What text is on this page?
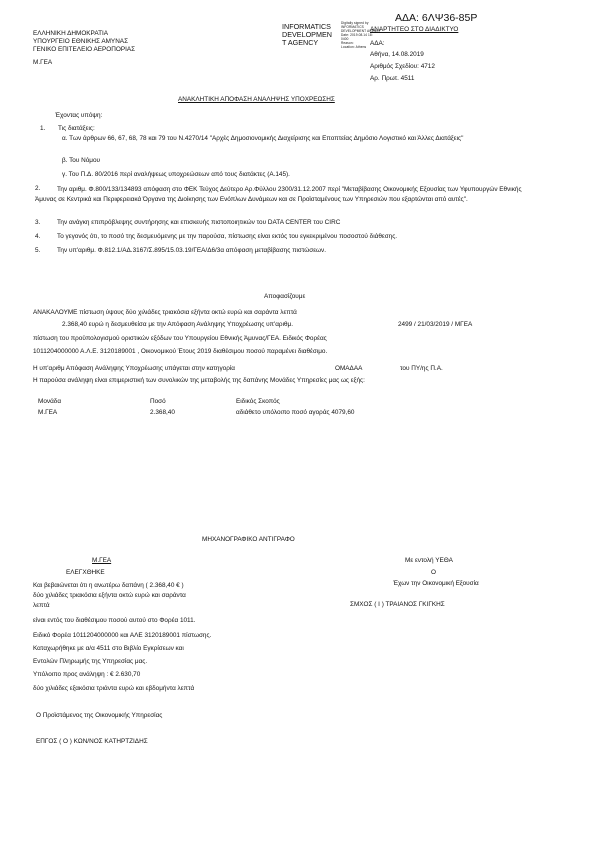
ΑΔΑ: 6ΛΨ36-85Ρ
ΕΛΛΗΝΙΚΗ ΔΗΜΟΚΡΑΤΙΑ
ΥΠΟΥΡΓΕΙΟ ΕΘΝΙΚΗΣ ΑΜΥΝΑΣ
ΓΕΝΙΚΟ ΕΠΙΤΕΛΕΙΟ ΑΕΡΟΠΟΡΙΑΣ
Μ.ΓΕΑ
INFORMATICS
DEVELOPMEN
T AGENCY
Digitally signed by
INFORMATICS
DEVELOPMENT AGENCY
Date: 2019.08.14 18:
0400
Reason:
Location: Athens
ΑΝΑΡΤΗΤΕΟ ΣΤΟ ΔΙΑΔΙΚΤΥΟ
ΑΔΑ:
Αθήνα, 14.08.2019
Αριθμός Σχεδίου: 4712
Αρ. Πρωτ. 4511
ΑΝΑΚΛΗΤΙΚΗ ΑΠΟΦΑΣΗ ΑΝΑΛΗΨΗΣ ΥΠΟΧΡΕΩΣΗΣ
Έχοντας υπόψη:
1. Τις διατάξεις:
α. Των άρθρων 66, 67, 68, 78 και 79 του Ν.4270/14 "Αρχές Δημοσιονομικής Διαχείρισης και Εποπτείας Δημόσιο Λογιστικό και Άλλες Διατάξεις"
β. Του Νόμου
γ. Του Π.Δ. 80/2016 περί αναλήψεως υποχρεώσεων από τους διατάκτες (Α.145).
2.	Την αριθμ. Φ.800/133/134893 απόφαση στο ΦΕΚ Τεύχος Δεύτερο Αρ.Φύλλου 2300/31.12.2007 περί "Μεταβίβασης Οικονομικής Εξουσίας των Υφυπουργών Εθνικής Άμυνας σε Κεντρικά και Περιφερειακά Όργανα της Διοίκησης των Ενόπλων Δυνάμεων και σε Προϊσταμένους των Υπηρεσιών που εξαρτώνται από αυτές".
3.	Την ανάγκη επιπρόβλεψης συντήρησης και επισκευής πιστοποιητικών του DATA CENTER του CIRC
4.	Το γεγονός ότι, το ποσό της δεσμευόμενης με την παρούσα, πίστωσης είναι εκτός του εγκεκριμένου ποσοστού διάθεσης.
5.	Την υπ'αριθμ. Φ.812.1/ΑΔ.3167/Σ.895/15.03.19/ΓΕΑ/Δ6/3α απόφαση μεταβίβασης πιστώσεων.
Αποφασίζουμε
ΑΝΑΚΑΛΟΥΜΕ πίστωση ύψους δύο χιλιάδες τριακόσια εξήντα οκτώ ευρώ και σαράντα λεπτά
2.368,40 ευρώ η δεσμευθείσα με την Απόφαση Ανάληψης Υποχρέωσης υπ'αριθμ.	2499 / 21/03/2019 / ΜΓΕΑ
πίστωση του προϋπολογισμού οριστικών εξόδων του Υπουργείου Εθνικής Άμυνας/ΓΕΑ. Ειδικός Φορέας
1011204000000 Α.Λ.Ε. 3120189001 , Οικονομικού Έτους 2019 διαθέσιμου ποσού παραμένει διαθέσιμο.
Η υπ'αριθμ Απόφαση Ανάληψης Υποχρέωσης υπάγεται στην κατηγορία	ΟΜΑΔΑΑ	του ΠΥ/ης Π.Α.
Η παρούσα ανάληψη είναι επιμεριστική των συνολικών της μεταβολής της δαπάνης Μονάδες Υπηρεσίες μας ως εξής:
Μονάδα	Ποσό	Ειδικός Σκοπός
Μ.ΓΕΑ	2.368,40	αδιάθετο υπόλοιπο ποσό αγοράς 4079,60
ΜΗΧΑΝΟΓΡΑΦΙΚΟ ΑΝΤΙΓΡΑΦΟ
Μ.ΓΕΑ
ΕΛΕΓΧΘΗΚΕ
Και βεβαιώνεται ότι η ανωτέρω δαπάνη ( 2.368,40 € )
δύο χιλιάδες τριακόσια εξήντα οκτώ ευρώ και σαράντα
λεπτά
είναι εντός του διαθέσιμου ποσού αυτού στο Φορέα 1011.
Ειδικό Φορέα 1011204000000 και ΑΛΕ 3120189001 πίστωσης.
Καταχωρήθηκε με α/α 4511 στο Βιβλίο Εγκρίσεων και
Εντολών Πληρωμής της Υπηρεσίας μας.
Υπόλοιπο προς ανάληψη : € 2.630,70
δύο χιλιάδες εξακόσια τριάντα ευρώ και εβδομήντα λεπτά
Με εντολή ΥΕΘΑ
Ο
Έχων την Οικονομική Εξουσία
ΣΜΧΟΣ ( Ι ) ΤΡΑΙΑΝΟΣ ΓΚΙΓΚΗΣ
Ο Προϊστάμενος της Οικονομικής Υπηρεσίας
ΕΠΓΟΣ ( Ο ) ΚΩΝ/ΝΟΣ ΚΑΤΗΡΤΖΙΔΗΣ
